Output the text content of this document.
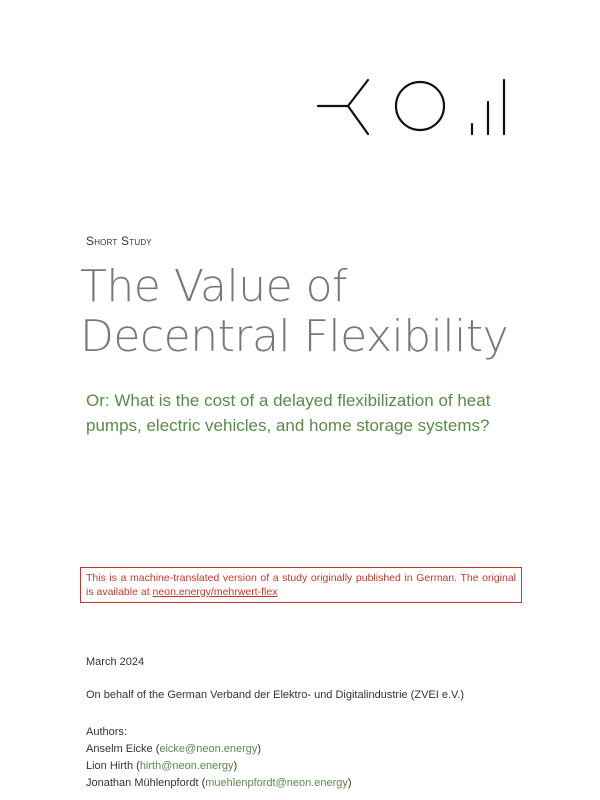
Short Study
The Value of
Decentral Flexibility
Or: What is the cost of a delayed flexibilization of heat pumps, electric vehicles, and home storage systems?
This is a machine-translated version of a study originally published in German. The original is available at neon.energy/mehrwert-flex
March 2024
On behalf of the German Verband der Elektro- und Digitalindustrie (ZVEI e.V.)
Authors:
Anselm Eicke (eicke@neon.energy)
Lion Hirth (hirth@neon.energy)
Jonathan Mühlenpfordt (muehlenpfordt@neon.energy)
